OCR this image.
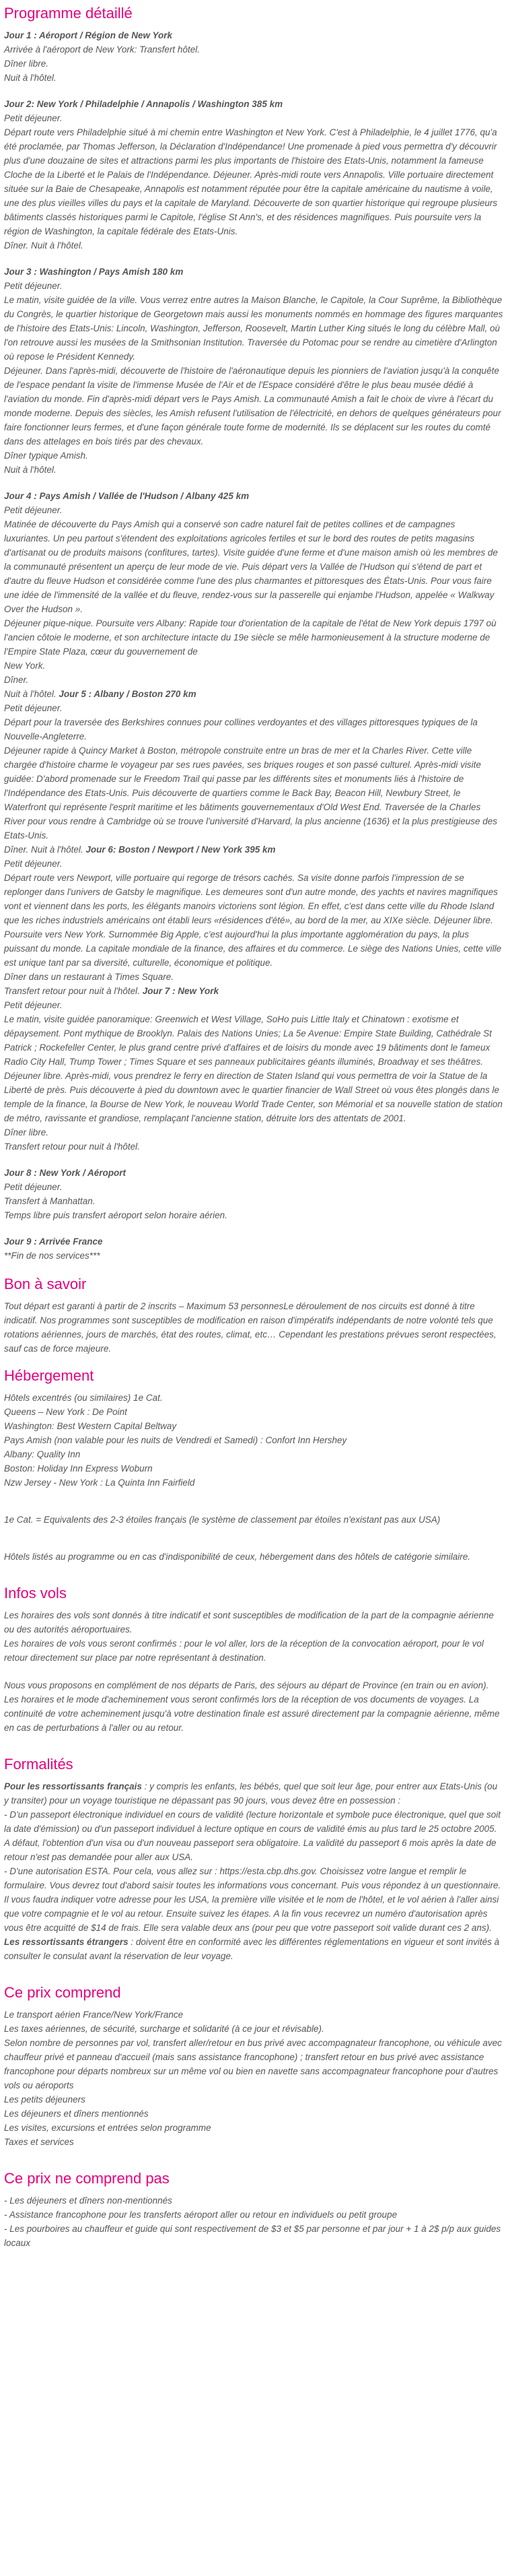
Programme détaillé
Jour 1 : Aéroport / Région de New York
Arrivée à l'aéroport de New York: Transfert hôtel.
Dîner libre.
Nuit à l'hôtel.
Jour 2: New York / Philadelphie / Annapolis / Washington 385 km
Petit déjeuner.
Départ route vers Philadelphie situé à mi chemin entre Washington et New York. C'est à Philadelphie, le 4 juillet 1776, qu'a été proclamée, par Thomas Jefferson, la Déclaration d'Indépendance! Une promenade à pied vous permettra d'y découvrir plus d'une douzaine de sites et attractions parmi les plus importants de l'histoire des Etats-Unis, notamment la fameuse Cloche de la Liberté et le Palais de l'Indépendance. Déjeuner. Après-midi route vers Annapolis. Ville portuaire directement située sur la Baie de Chesapeake, Annapolis est notamment réputée pour être la capitale américaine du nautisme à voile, une des plus vieilles villes du pays et la capitale de Maryland. Découverte de son quartier historique qui regroupe plusieurs bâtiments classés historiques parmi le Capitole, l'église St Ann's, et des résidences magnifiques. Puis poursuite vers la région de Washington, la capitale fédérale des Etats-Unis.
Dîner. Nuit à l'hôtel.
Jour 3 : Washington / Pays Amish 180 km
Petit déjeuner.
Le matin, visite guidée de la ville. Vous verrez entre autres la Maison Blanche, le Capitole, la Cour Suprême, la Bibliothèque du Congrès, le quartier historique de Georgetown mais aussi les monuments nommés en hommage des figures marquantes de l'histoire des Etats-Unis: Lincoln, Washington, Jefferson, Roosevelt, Martin Luther King situés le long du célèbre Mall, où l'on retrouve aussi les musées de la Smithsonian Institution. Traversée du Potomac pour se rendre au cimetière d'Arlington où repose le Président Kennedy.
Déjeuner. Dans l'après-midi, découverte de l'histoire de l'aéronautique depuis les pionniers de l'aviation jusqu'à la conquête de l'espace pendant la visite de l'immense Musée de l'Air et de l'Espace considéré d'être le plus beau musée dédié à l'aviation du monde. Fin d'après-midi départ vers le Pays Amish. La communauté Amish a fait le choix de vivre à l'écart du monde moderne. Depuis des siècles, les Amish refusent l'utilisation de l'électricité, en dehors de quelques générateurs pour faire fonctionner leurs fermes, et d'une façon générale toute forme de modernité. Ils se déplacent sur les routes du comté dans des attelages en bois tirés par des chevaux.
Dîner typique Amish.
Nuit à l'hôtel.
Jour 4 : Pays Amish / Vallée de l'Hudson / Albany 425 km
Petit déjeuner.
Matinée de découverte du Pays Amish qui a conservé son cadre naturel fait de petites collines et de campagnes luxuriantes. Un peu partout s'étendent des exploitations agricoles fertiles et sur le bord des routes de petits magasins d'artisanat ou de produits maisons (confitures, tartes). Visite guidée d'une ferme et d'une maison amish où les membres de la communauté présentent un aperçu de leur mode de vie. Puis départ vers la Vallée de l'Hudson qui s'étend de part et d'autre du fleuve Hudson et considérée comme l'une des plus charmantes et pittoresques des États-Unis. Pour vous faire une idée de l'immensité de la vallée et du fleuve, rendez-vous sur la passerelle qui enjambe l'Hudson, appelée « Walkway Over the Hudson ».
Déjeuner pique-nique. Poursuite vers Albany: Rapide tour d'orientation de la capitale de l'état de New York depuis 1797 où l'ancien côtoie le moderne, et son architecture intacte du 19e siècle se mêle harmonieusement à la structure moderne de l'Empire State Plaza, cœur du gouvernement de
New York.
Dîner.
Nuit à l'hôtel. Jour 5 : Albany / Boston 270 km
Petit déjeuner.
Départ pour la traversée des Berkshires connues pour collines verdoyantes et des villages pittoresques typiques de la Nouvelle-Angleterre.
Déjeuner rapide à Quincy Market à Boston, métropole construite entre un bras de mer et la Charles River. Cette ville chargée d'histoire charme le voyageur par ses rues pavées, ses briques rouges et son passé culturel. Après-midi visite guidée: D'abord promenade sur le Freedom Trail qui passe par les différents sites et monuments liés à l'histoire de l'Indépendance des Etats-Unis. Puis découverte de quartiers comme le Back Bay, Beacon Hill, Newbury Street, le Waterfront qui représente l'esprit maritime et les bâtiments gouvernementaux d'Old West End. Traversée de la Charles River pour vous rendre à Cambridge où se trouve l'université d'Harvard, la plus ancienne (1636) et la plus prestigieuse des Etats-Unis.
Dîner. Nuit à l'hôtel. Jour 6: Boston / Newport / New York 395 km
Petit déjeuner.
Départ route vers Newport, ville portuaire qui regorge de trésors cachés. Sa visite donne parfois l'impression de se replonger dans l'univers de Gatsby le magnifique. Les demeures sont d'un autre monde, des yachts et navires magnifiques vont et viennent dans les ports, les élégants manoirs victoriens sont légion. En effet, c'est dans cette ville du Rhode Island que les riches industriels américains ont établi leurs «résidences d'été», au bord de la mer, au XIXe siècle. Déjeuner libre. Poursuite vers New York. Surnommée Big Apple, c'est aujourd'hui la plus importante agglomération du pays, la plus puissant du monde. La capitale mondiale de la finance, des affaires et du commerce. Le siège des Nations Unies, cette ville est unique tant par sa diversité, culturelle, économique et politique.
Dîner dans un restaurant à Times Square.
Transfert retour pour nuit à l'hôtel. Jour 7 : New York
Petit déjeuner.
Le matin, visite guidée panoramique: Greenwich et West Village, SoHo puis Little Italy et Chinatown : exotisme et dépaysement. Pont mythique de Brooklyn. Palais des Nations Unies; La 5e Avenue: Empire State Building, Cathédrale St Patrick ; Rockefeller Center, le plus grand centre privé d'affaires et de loisirs du monde avec 19 bâtiments dont le fameux Radio City Hall, Trump Tower ; Times Square et ses panneaux publicitaires géants illuminés, Broadway et ses théâtres.
Déjeuner libre. Après-midi, vous prendrez le ferry en direction de Staten Island qui vous permettra de voir la Statue de la Liberté de près. Puis découverte à pied du downtown avec le quartier financier de Wall Street où vous êtes plongés dans le temple de la finance, la Bourse de New York, le nouveau World Trade Center, son Mémorial et sa nouvelle station de station de métro, ravissante et grandiose, remplaçant l'ancienne station, détruite lors des attentats de 2001.
Dîner libre.
Transfert retour pour nuit à l'hôtel.
Jour 8 : New York / Aéroport
Petit déjeuner.
Transfert à Manhattan.
Temps libre puis transfert aéroport selon horaire aérien.
Jour 9 : Arrivée France
**Fin de nos services***
Bon à savoir

Tout départ est garanti à partir de 2 inscrits – Maximum 53 personnesLe déroulement de nos circuits est donné à titre indicatif. Nos programmes sont susceptibles de modification en raison d'impératifs indépendants de notre volonté tels que rotations aériennes, jours de marchés, état des routes, climat, etc… Cependant les prestations prévues seront respectées, sauf cas de force majeure.

Hébergement
Hôtels excentrés (ou similaires) 1e Cat.
Queens – New York : De Point
Washington: Best Western Capital Beltway
Pays Amish (non valable pour les nuits de Vendredi et Samedi) : Confort Inn Hershey
Albany: Quality Inn
Boston: Holiday Inn Express Woburn
Nzw Jersey - New York : La Quinta Inn Fairfield
1e Cat. = Equivalents des 2-3 étoiles français (le système de classement par étoiles n'existant pas aux USA)
Hôtels listés au programme ou en cas d'indisponibilité de ceux, hébergement dans des hôtels de catégorie similaire.
Infos vols
Les horaires des vols sont donnés à titre indicatif et sont susceptibles de modification de la part de la compagnie aérienne ou des autorités aéroportuaires.
Les horaires de vols vous seront confirmés : pour le vol aller, lors de la réception de la convocation aéroport, pour le vol retour directement sur place par notre représentant à destination.
Nous vous proposons en complément de nos départs de Paris, des séjours au départ de Province (en train ou en avion). Les horaires et le mode d'acheminement vous seront confirmés lors de la réception de vos documents de voyages. La continuité de votre acheminement jusqu'à votre destination finale est assuré directement par la compagnie aérienne, même en cas de perturbations à l'aller ou au retour.
Formalités
Pour les ressortissants français : y compris les enfants, les bébés, quel que soit leur âge, pour entrer aux Etats-Unis (ou y transiter) pour un voyage touristique ne dépassant pas 90 jours, vous devez être en possession :
- D'un passeport électronique individuel en cours de validité (lecture horizontale et symbole puce électronique, quel que soit la date d'émission) ou d'un passeport individuel à lecture optique en cours de validité émis au plus tard le 25 octobre 2005. A défaut, l'obtention d'un visa ou d'un nouveau passeport sera obligatoire. La validité du passeport 6 mois après la date de retour n'est pas demandée pour aller aux USA.
- D'une autorisation ESTA. Pour cela, vous allez sur : https://esta.cbp.dhs.gov. Choisissez votre langue et remplir le formulaire. Vous devrez tout d'abord saisir toutes les informations vous concernant. Puis vous répondez à un questionnaire. Il vous faudra indiquer votre adresse pour les USA, la première ville visitée et le nom de l'hôtel, et le vol aérien à l'aller ainsi que votre compagnie et le vol au retour. Ensuite suivez les étapes. A la fin vous recevrez un numéro d'autorisation après vous être acquitté de $14 de frais. Elle sera valable deux ans (pour peu que votre passeport soit valide durant ces 2 ans).
Les ressortissants étrangers : doivent être en conformité avec les différentes réglementations en vigueur et sont invités à consulter le consulat avant la réservation de leur voyage.
Ce prix comprend
Le transport aérien France/New York/France
Les taxes aériennes, de sécurité, surcharge et solidarité (à ce jour et révisable).
Selon nombre de personnes par vol, transfert aller/retour en bus privé avec accompagnateur francophone, ou véhicule avec chauffeur privé et panneau d'accueil (mais sans assistance francophone) ; transfert retour en bus privé avec assistance francophone pour départs nombreux sur un même vol ou bien en navette sans accompagnateur francophone pour d'autres vols ou aéroports
Les petits déjeuners
Les déjeuners et dîners mentionnés
Les visites, excursions et entrées selon programme
Taxes et services
Ce prix ne comprend pas
- Les déjeuners et dîners non-mentionnés
- Assistance francophone pour les transferts aéroport aller ou retour en individuels ou petit groupe
- Les pourboires au chauffeur et guide qui sont respectivement de $3 et $5 par personne et par jour + 1 à 2$ p/p aux guides locaux
